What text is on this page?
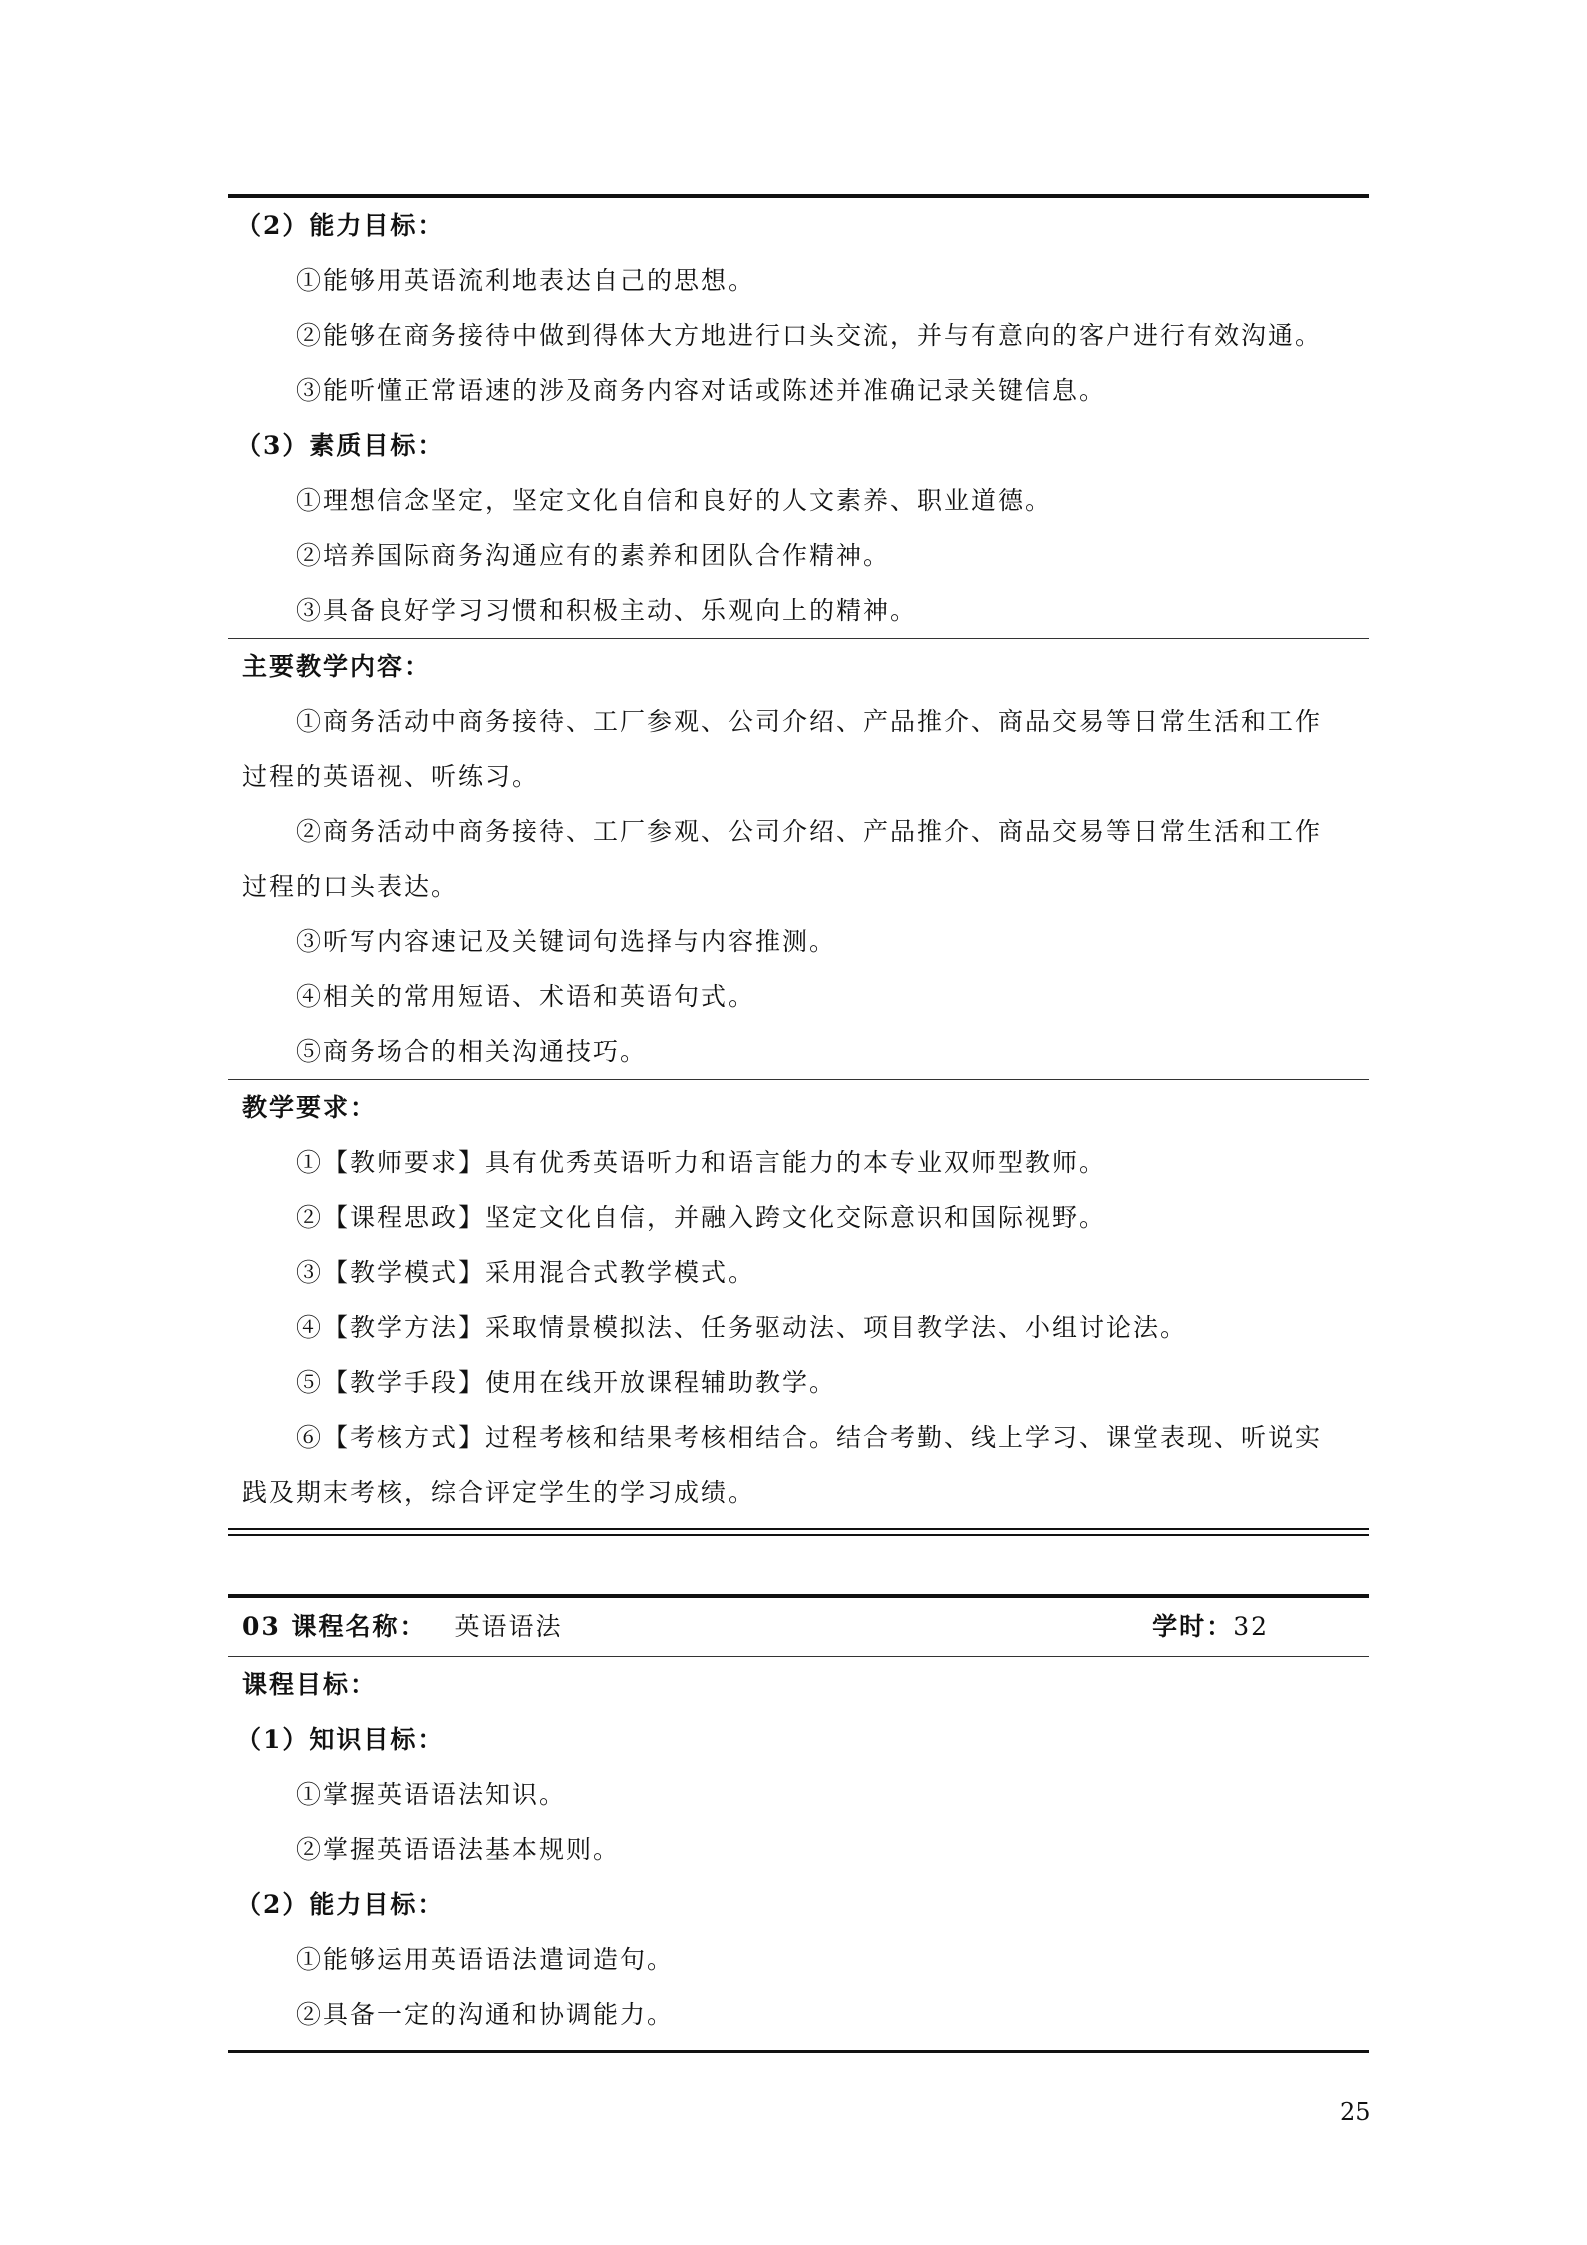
（2）能力目标：
①能够用英语流利地表达自己的思想。
②能够在商务接待中做到得体大方地进行口头交流，并与有意向的客户进行有效沟通。
③能听懂正常语速的涉及商务内容对话或陈述并准确记录关键信息。
（3）素质目标：
①理想信念坚定，坚定文化自信和良好的人文素养、职业道德。
②培养国际商务沟通应有的素养和团队合作精神。
③具备良好学习习惯和积极主动、乐观向上的精神。
主要教学内容：
①商务活动中商务接待、工厂参观、公司介绍、产品推介、商品交易等日常生活和工作
过程的英语视、听练习。
②商务活动中商务接待、工厂参观、公司介绍、产品推介、商品交易等日常生活和工作
过程的口头表达。
③听写内容速记及关键词句选择与内容推测。
④相关的常用短语、术语和英语句式。
⑤商务场合的相关沟通技巧。
教学要求：
①【教师要求】具有优秀英语听力和语言能力的本专业双师型教师。
②【课程思政】坚定文化自信，并融入跨文化交际意识和国际视野。
③【教学模式】采用混合式教学模式。
④【教学方法】采取情景模拟法、任务驱动法、项目教学法、小组讨论法。
⑤【教学手段】使用在线开放课程辅助教学。
⑥【考核方式】过程考核和结果考核相结合。结合考勤、线上学习、课堂表现、听说实
践及期末考核，综合评定学生的学习成绩。
03 课程名称： 英语语法	学时：32
课程目标：
（1）知识目标：
①掌握英语语法知识。
②掌握英语语法基本规则。
（2）能力目标：
①能够运用英语语法遣词造句。
②具备一定的沟通和协调能力。
25
